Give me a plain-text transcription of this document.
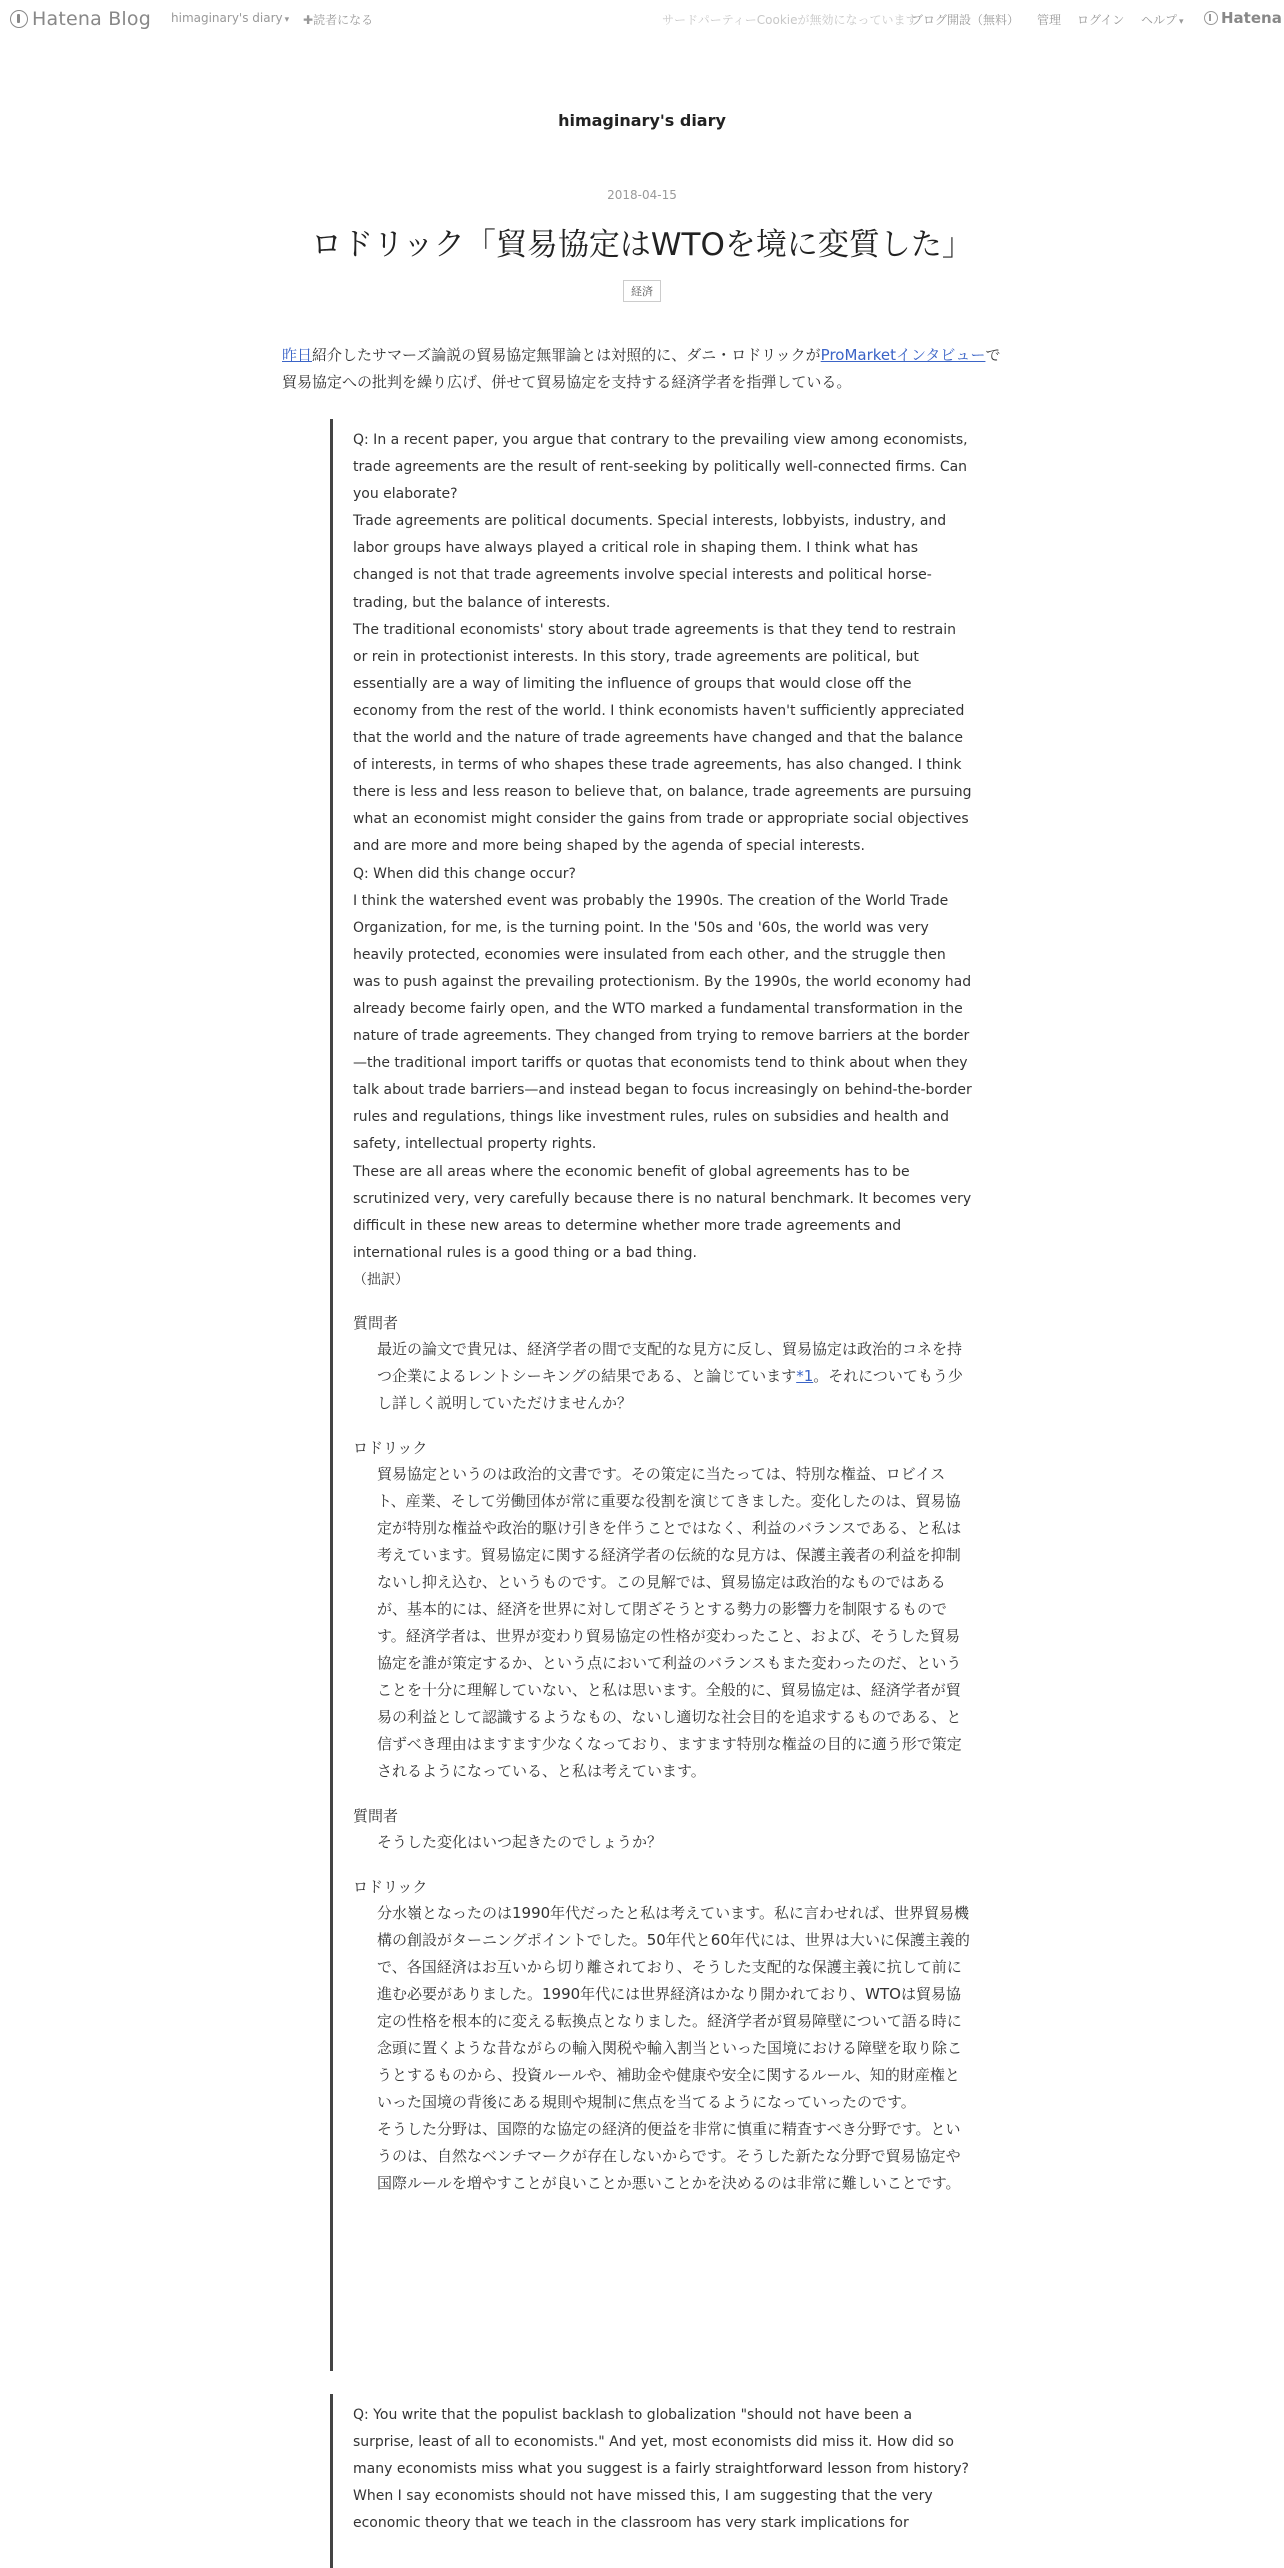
Hatena Blog himaginary's diary ▾ ✚読者になる	サードパーティーCookieが無効になっています
ブログ開設（無料） 管理 ログイン ヘルプ ▾ Hatena
himaginary's diary
2018-04-15
ロドリック「貿易協定はWTOを境に変質した」
経済
昨日紹介したサマーズ論説の貿易協定無罪論とは対照的に、ダニ・ロドリックがProMarketインタビューで貿易協定への批判を繰り広げ、併せて貿易協定を支持する経済学者を指弾している。

Q: In a recent paper, you argue that contrary to the prevailing view among economists, trade agreements are the result of rent-seeking by politically well-connected firms. Can you elaborate?

Trade agreements are political documents. Special interests, lobbyists, industry, and labor groups have always played a critical role in shaping them. I think what has changed is not that trade agreements involve special interests and political horse-trading, but the balance of interests.

The traditional economists' story about trade agreements is that they tend to restrain or rein in protectionist interests. In this story, trade agreements are political, but essentially are a way of limiting the influence of groups that would close off the economy from the rest of the world. I think economists haven't sufficiently appreciated that the world and the nature of trade agreements have changed and that the balance of interests, in terms of who shapes these trade agreements, has also changed. I think there is less and less reason to believe that, on balance, trade agreements are pursuing what an economist might consider the gains from trade or appropriate social objectives and are more and more being shaped by the agenda of special interests.

Q: When did this change occur?

I think the watershed event was probably the 1990s. The creation of the World Trade Organization, for me, is the turning point. In the '50s and '60s, the world was very heavily protected, economies were insulated from each other, and the struggle then was to push against the prevailing protectionism. By the 1990s, the world economy had already become fairly open, and the WTO marked a fundamental transformation in the nature of trade agreements. They changed from trying to remove barriers at the border—the traditional import tariffs or quotas that economists tend to think about when they talk about trade barriers—and instead began to focus increasingly on behind-the-border rules and regulations, things like investment rules, rules on subsidies and health and safety, intellectual property rights.

These are all areas where the economic benefit of global agreements has to be scrutinized very, very carefully because there is no natural benchmark. It becomes very difficult in these new areas to determine whether more trade agreements and international rules is a good thing or a bad thing.

（拙訳）

質問者
最近の論文で貴兄は、経済学者の間で支配的な見方に反し、貿易協定は政治的コネを持つ企業によるレントシーキングの結果である、と論じています*1。それについてもう少し詳しく説明していただけませんか？
ロドリック
貿易協定というのは政治的文書です。その策定に当たっては、特別な権益、ロビイスト、産業、そして労働団体が常に重要な役割を演じてきました。変化したのは、貿易協定が特別な権益や政治的駆け引きを伴うことではなく、利益のバランスである、と私は考えています。貿易協定に関する経済学者の伝統的な見方は、保護主義者の利益を抑制ないし抑え込む、というものです。この見解では、貿易協定は政治的なものではあるが、基本的には、経済を世界に対して閉ざそうとする勢力の影響力を制限するものです。経済学者は、世界が変わり貿易協定の性格が変わったこと、および、そうした貿易協定を誰が策定するか、という点において利益のバランスもまた変わったのだ、ということを十分に理解していない、と私は思います。全般的に、貿易協定は、経済学者が貿易の利益として認識するようなもの、ないし適切な社会目的を追求するものである、と信ずべき理由はますます少なくなっており、ますます特別な権益の目的に適う形で策定されるようになっている、と私は考えています。
質問者
そうした変化はいつ起きたのでしょうか？
ロドリック
分水嶺となったのは1990年代だったと私は考えています。私に言わせれば、世界貿易機構の創設がターニングポイントでした。50年代と60年代には、世界は大いに保護主義的で、各国経済はお互いから切り離されており、そうした支配的な保護主義に抗して前に進む必要がありました。1990年代には世界経済はかなり開かれており、WTOは貿易協定の性格を根本的に変える転換点となりました。経済学者が貿易障壁について語る時に念頭に置くような昔ながらの輸入関税や輸入割当といった国境における障壁を取り除こうとするものから、投資ルールや、補助金や健康や安全に関するルール、知的財産権といった国境の背後にある規則や規制に焦点を当てるようになっていったのです。
そうした分野は、国際的な協定の経済的便益を非常に慎重に精査すべき分野です。というのは、自然なベンチマークが存在しないからです。そうした新たな分野で貿易協定や国際ルールを増やすことが良いことか悪いことかを決めるのは非常に難しいことです。

Q: You write that the populist backlash to globalization "should not have been a surprise, least of all to economists." And yet, most economists did miss it. How did so many economists miss what you suggest is a fairly straightforward lesson from history?

When I say economists should not have missed this, I am suggesting that the very economic theory that we teach in the classroom has very stark implications for
